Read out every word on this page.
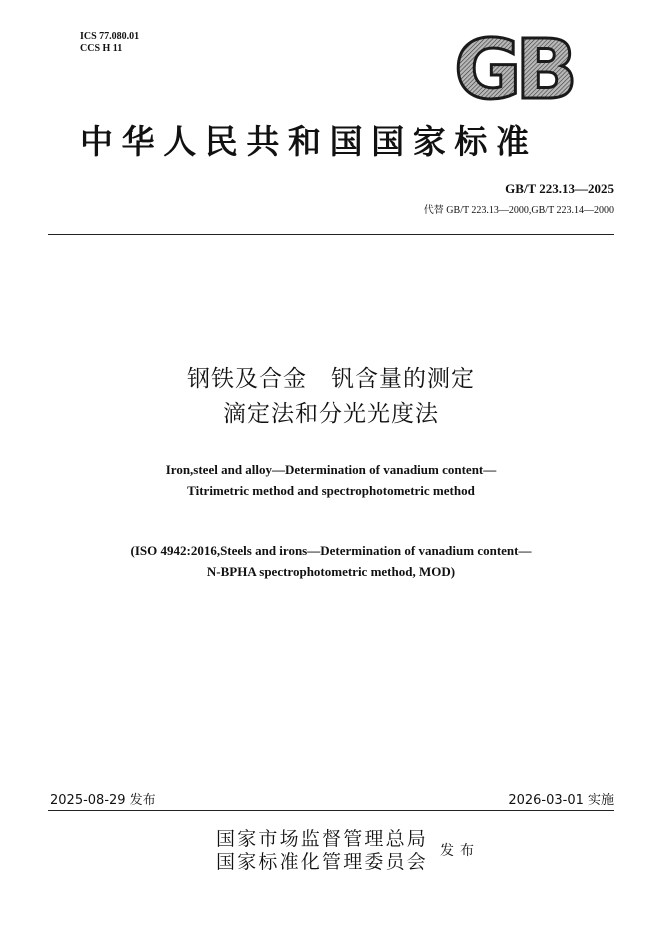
ICS 77.080.01
CCS H 11	GB
中华人民共和国国家标准
GB/T 223.13—2025
代替 GB/T 223.13—2000,GB/T 223.14—2000
钢铁及合金　钒含量的测定
滴定法和分光光度法
Iron,steel and alloy—Determination of vanadium content—
Titrimetric method and spectrophotometric method
(ISO 4942:2016,Steels and irons—Determination of vanadium content—
N-BPHA spectrophotometric method, MOD)
2025-08-29 发布	2026-03-01 实施
国家市场监督管理总局
国家标准化管理委员会 发布
